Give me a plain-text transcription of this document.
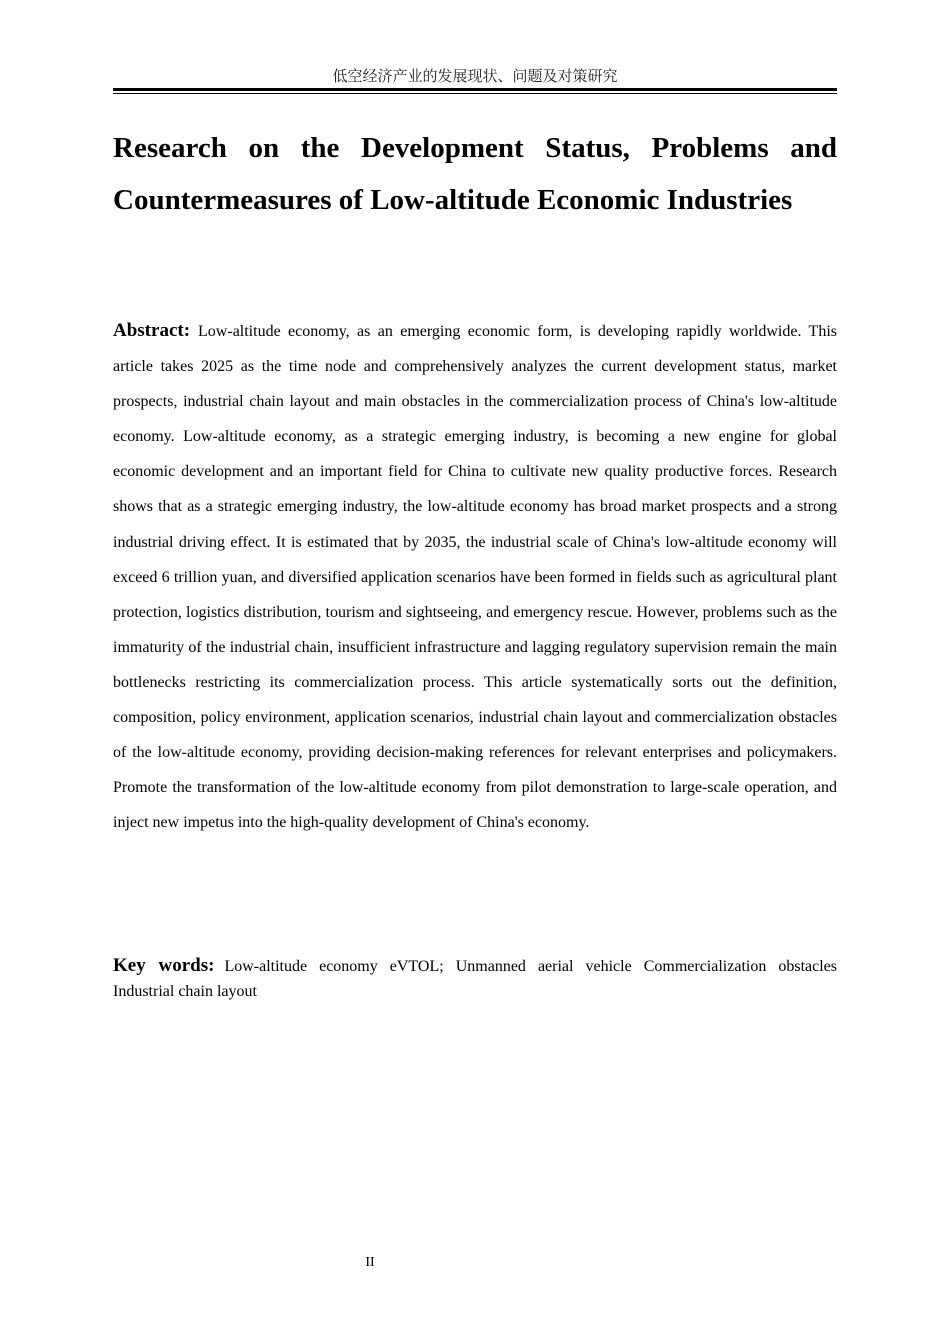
低空经济产业的发展现状、问题及对策研究
Research on the Development Status, Problems and Countermeasures of Low-altitude Economic Industries

Abstract: Low-altitude economy, as an emerging economic form, is developing rapidly worldwide. This article takes 2025 as the time node and comprehensively analyzes the current development status, market prospects, industrial chain layout and main obstacles in the commercialization process of China's low-altitude economy. Low-altitude economy, as a strategic emerging industry, is becoming a new engine for global economic development and an important field for China to cultivate new quality productive forces. Research shows that as a strategic emerging industry, the low-altitude economy has broad market prospects and a strong industrial driving effect. It is estimated that by 2035, the industrial scale of China's low-altitude economy will exceed 6 trillion yuan, and diversified application scenarios have been formed in fields such as agricultural plant protection, logistics distribution, tourism and sightseeing, and emergency rescue. However, problems such as the immaturity of the industrial chain, insufficient infrastructure and lagging regulatory supervision remain the main bottlenecks restricting its commercialization process. This article systematically sorts out the definition, composition, policy environment, application scenarios, industrial chain layout and commercialization obstacles of the low-altitude economy, providing decision-making references for relevant enterprises and policymakers. Promote the transformation of the low-altitude economy from pilot demonstration to large-scale operation, and inject new impetus into the high-quality development of China's economy.

Key words: Low-altitude economy eVTOL; Unmanned aerial vehicle Commercialization obstacles Industrial chain layout

II
